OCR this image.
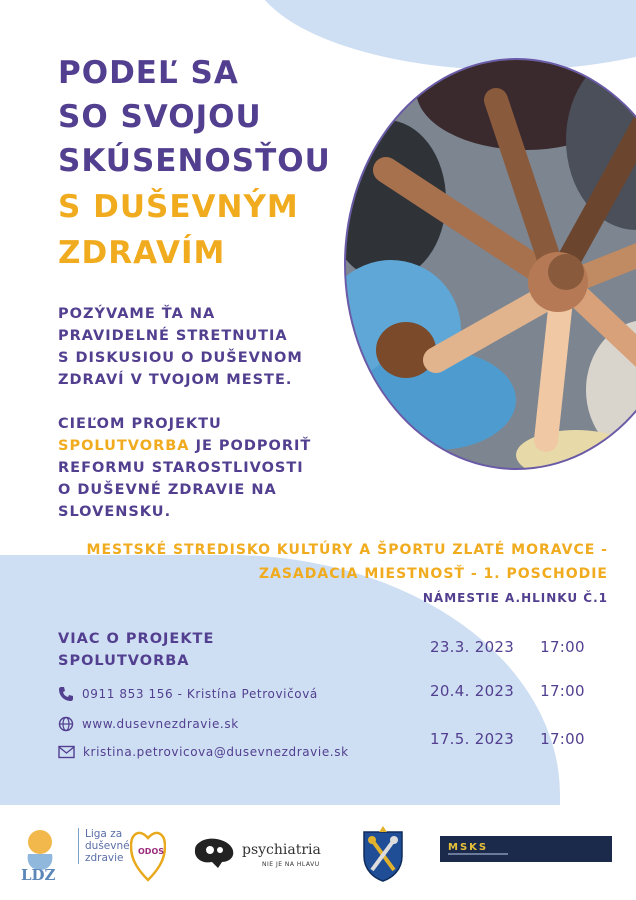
PODEĽ SA

SO SVOJOU

SKÚSENOSŤOU

S DUŠEVNÝM

ZDRAVÍM

POZÝVAME ŤA NA
PRAVIDELNÉ STRETNUTIA
S DISKUSIOU O DUŠEVNOM
ZDRAVÍ V TVOJOM MESTE.

CIEĽOM PROJEKTU
SPOLUTVORBA JE PODPORIŤ
REFORMU STAROSTLIVOSTI
O DUŠEVNÉ ZDRAVIE NA
SLOVENSKU.

MESTSKÉ STREDISKO KULTÚRY A ŠPORTU ZLATÉ MORAVCE -

ZASADACIA MIESTNOSŤ - 1. POSCHODIE

NÁMESTIE A.HLINKU Č.1

VIAC O PROJEKTE
SPOLUTVORBA
0911 853 156 - Kristína Petrovičová
www.dusevnezdravie.sk
kristina.petrovicova@dusevnezdravie.sk
23.3. 2023 17:00
20.4. 2023 17:00
17.5. 2023 17:00
LDZ
Liga za
duševné
zdravie
ODOS	psychiatria
NIE JE NA HLAVU
MSKS
